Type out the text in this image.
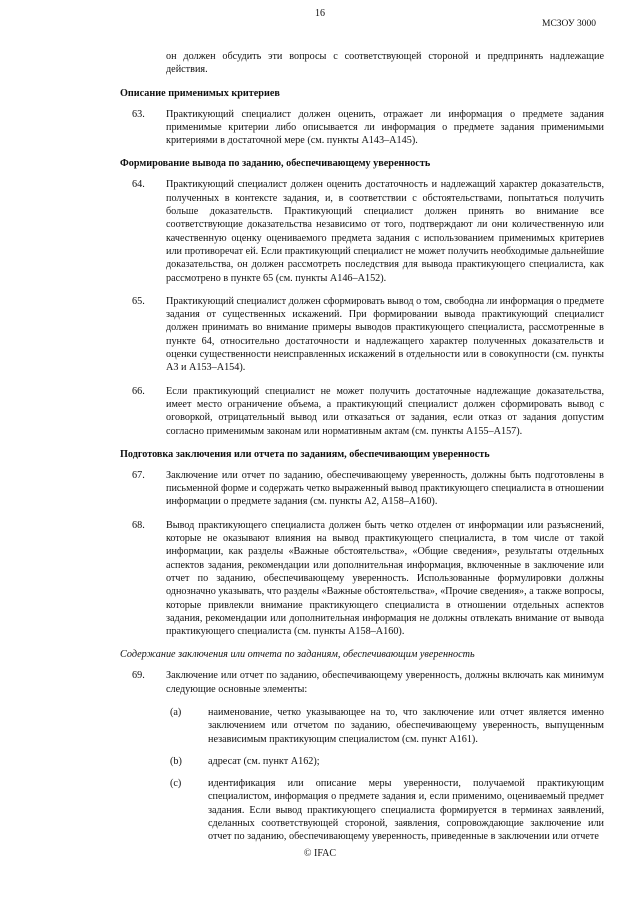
16
МСЗОУ 3000

он должен обсудить эти вопросы с соответствующей стороной и предпринять надлежащие действия.

Описание применимых критериев
63.	Практикующий специалист должен оценить, отражает ли информация о предмете задания применимые критерии либо описывается ли информация о предмете задания применимыми критериями в достаточной мере (см. пункты A143–A145).
Формирование вывода по заданию, обеспечивающему уверенность
64.	Практикующий специалист должен оценить достаточность и надлежащий характер доказательств, полученных в контексте задания, и, в соответствии с обстоятельствами, попытаться получить больше доказательств. Практикующий специалист должен принять во внимание все соответствующие доказательства независимо от того, подтверждают ли они количественную или качественную оценку оцениваемого предмета задания с использованием применимых критериев или противоречат ей. Если практикующий специалист не может получить необходимые дальнейшие доказательства, он должен рассмотреть последствия для вывода практикующего специалиста, как рассмотрено в пункте 65 (см. пункты A146–A152).
65.	Практикующий специалист должен сформировать вывод о том, свободна ли информация о предмете задания от существенных искажений. При формировании вывода практикующий специалист должен принимать во внимание примеры выводов практикующего специалиста, рассмотренные в пункте 64, относительно достаточности и надлежащего характер полученных доказательств и оценки существенности неисправленных искажений в отдельности или в совокупности (см. пункты A3 и A153–A154).
66.	Если практикующий специалист не может получить достаточные надлежащие доказательства, имеет место ограничение объема, а практикующий специалист должен сформировать вывод с оговоркой, отрицательный вывод или отказаться от задания, если отказ от задания допустим согласно применимым законам или нормативным актам (см. пункты A155–A157).
Подготовка заключения или отчета по заданиям, обеспечивающим уверенность
67.	Заключение или отчет по заданию, обеспечивающему уверенность, должны быть подготовлены в письменной форме и содержать четко выраженный вывод практикующего специалиста в отношении информации о предмете задания (см. пункты A2, A158–A160).
68.	Вывод практикующего специалиста должен быть четко отделен от информации или разъяснений, которые не оказывают влияния на вывод практикующего специалиста, в том числе от такой информации, как разделы «Важные обстоятельства», «Общие сведения», результаты отдельных аспектов задания, рекомендации или дополнительная информация, включенные в заключение или отчет по заданию, обеспечивающему уверенность. Использованные формулировки должны однозначно указывать, что разделы «Важные обстоятельства», «Прочие сведения», а также вопросы, которые привлекли внимание практикующего специалиста в отношении отдельных аспектов задания, рекомендации или дополнительная информация не должны отвлекать внимание от вывода практикующего специалиста (см. пункты A158–A160).
Содержание заключения или отчета по заданиям, обеспечивающим уверенность
69.	Заключение или отчет по заданию, обеспечивающему уверенность, должны включать как минимум следующие основные элементы:
(a)	наименование, четко указывающее на то, что заключение или отчет является именно заключением или отчетом по заданию, обеспечивающему уверенность, выпущенным независимым практикующим специалистом (см. пункт A161).
(b)	адресат (см. пункт A162);
(c)	идентификация или описание меры уверенности, получаемой практикующим специалистом, информация о предмете задания и, если применимо, оцениваемый предмет задания. Если вывод практикующего специалиста формируется в терминах заявлений, сделанных соответствующей стороной, заявления, сопровождающие заключение или отчет по заданию, обеспечивающему уверенность, приведенные в заключении или отчете
© IFAC
